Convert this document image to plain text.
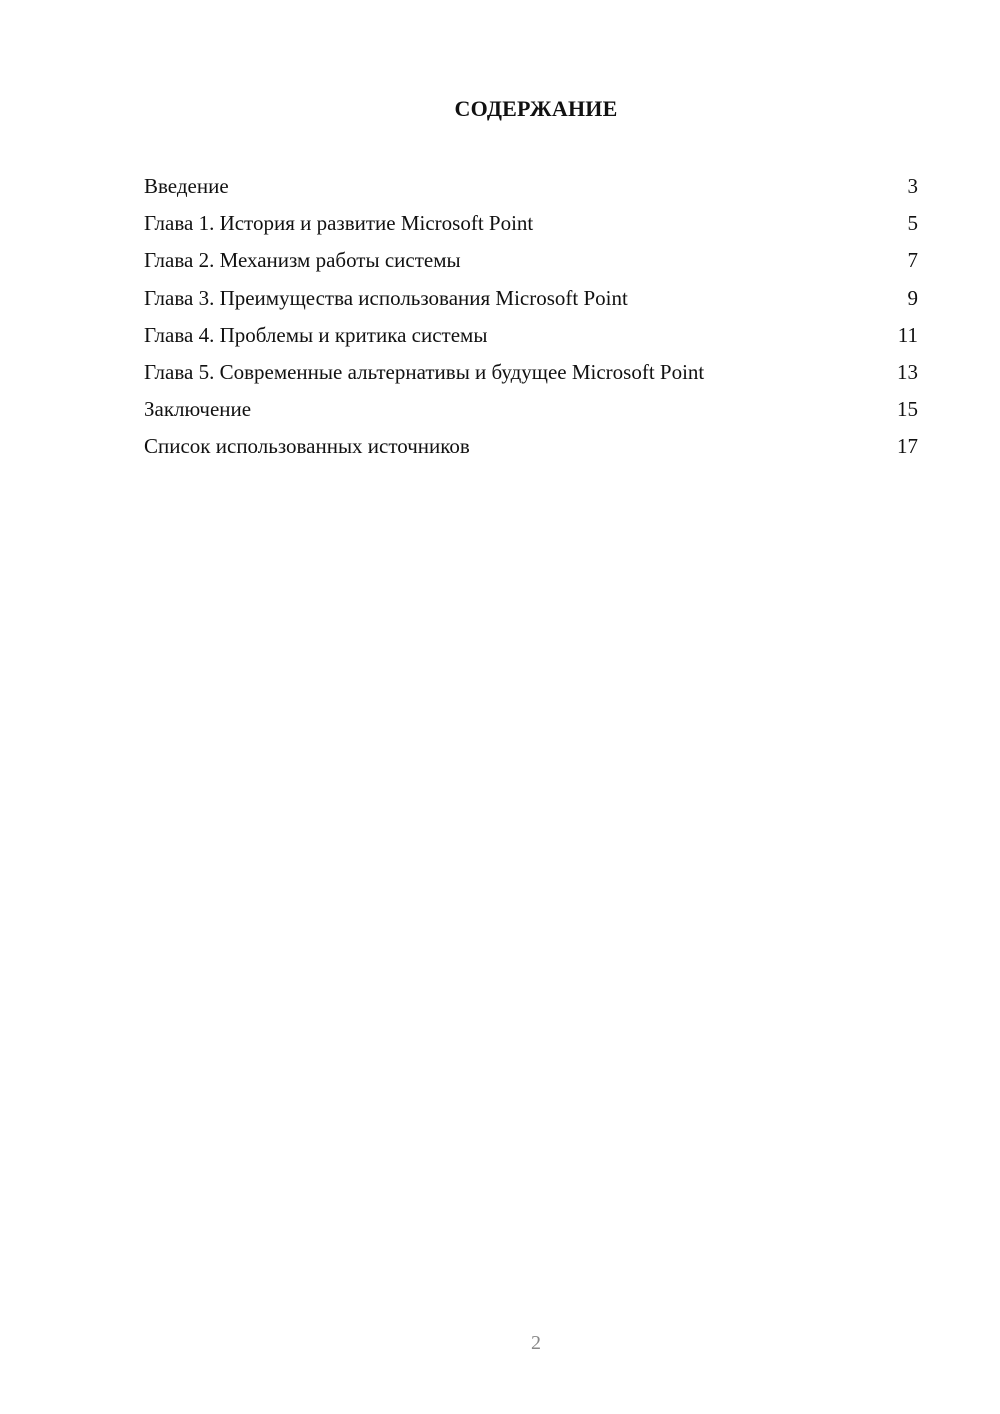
СОДЕРЖАНИЕ
Введение	3
Глава 1. История и развитие Microsoft Point	5
Глава 2. Механизм работы системы	7
Глава 3. Преимущества использования Microsoft Point	9
Глава 4. Проблемы и критика системы	11
Глава 5. Современные альтернативы и будущее Microsoft Point	13
Заключение	15
Список использованных источников	17
2
